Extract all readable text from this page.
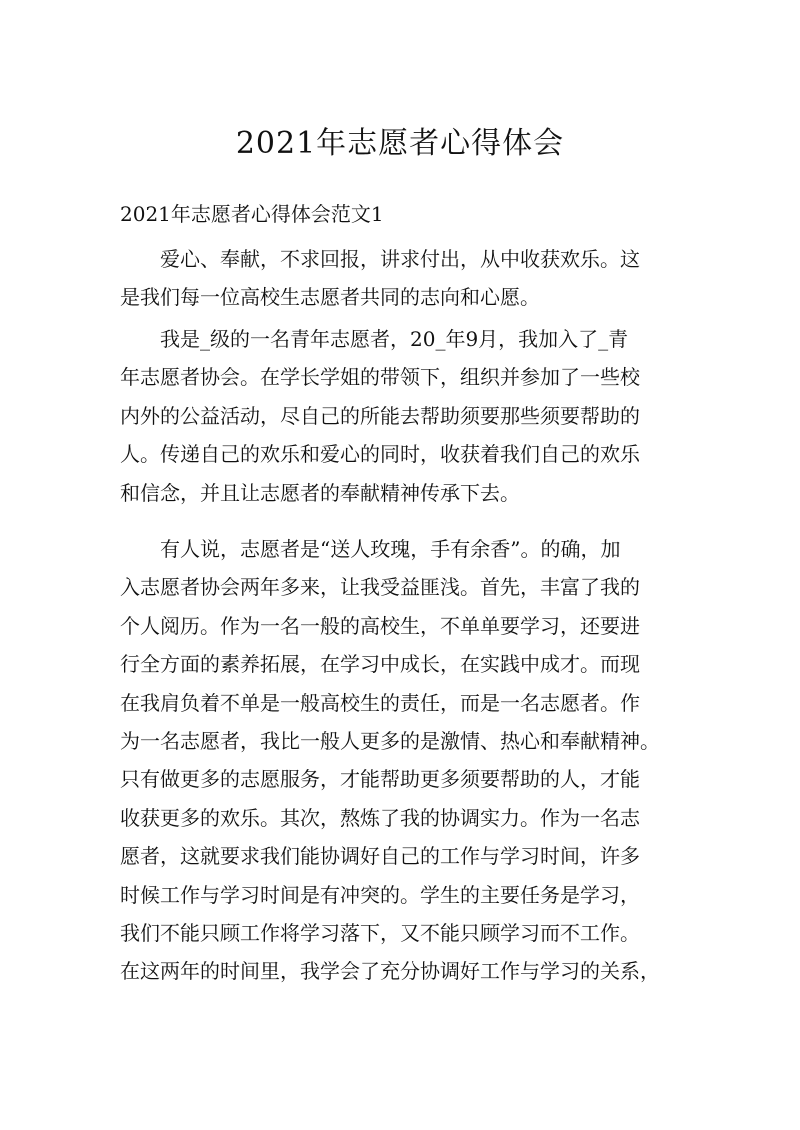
2021年志愿者心得体会
2021年志愿者心得体会范文1
　　爱心、奉献，不求回报，讲求付出，从中收获欢乐。这
是我们每一位高校生志愿者共同的志向和心愿。
　　我是_级的一名青年志愿者，20_年9月，我加入了_青
年志愿者协会。在学长学姐的带领下，组织并参加了一些校
内外的公益活动，尽自己的所能去帮助须要那些须要帮助的
人。传递自己的欢乐和爱心的同时，收获着我们自己的欢乐
和信念，并且让志愿者的奉献精神传承下去。
　　有人说，志愿者是“送人玫瑰，手有余香”。的确，加
入志愿者协会两年多来，让我受益匪浅。首先，丰富了我的
个人阅历。作为一名一般的高校生，不单单要学习，还要进
行全方面的素养拓展，在学习中成长，在实践中成才。而现
在我肩负着不单是一般高校生的责任，而是一名志愿者。作
为一名志愿者，我比一般人更多的是激情、热心和奉献精神。
只有做更多的志愿服务，才能帮助更多须要帮助的人，才能
收获更多的欢乐。其次，熬炼了我的协调实力。作为一名志
愿者，这就要求我们能协调好自己的工作与学习时间，许多
时候工作与学习时间是有冲突的。学生的主要任务是学习，
我们不能只顾工作将学习落下，又不能只顾学习而不工作。
在这两年的时间里，我学会了充分协调好工作与学习的关系，
